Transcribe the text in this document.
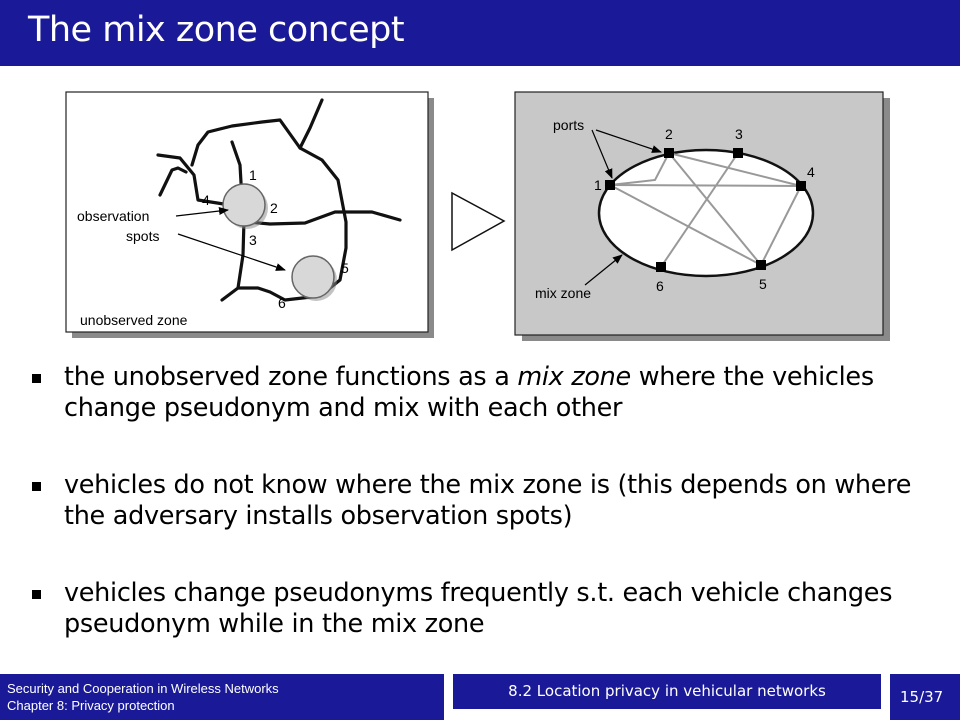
The mix zone concept
1
2
3
4
5
6
observation
spots
unobserved zone
1
2	3
4
5
6
ports
mix zone
the unobserved zone functions as a mix zone where the vehicles change pseudonym and mix with each other
vehicles do not know where the mix zone is (this depends on where the adversary installs observation spots)
vehicles change pseudonyms frequently s.t. each vehicle changes pseudonym while in the mix zone
Security and Cooperation in Wireless Networks
Chapter 8: Privacy protection
8.2 Location privacy in vehicular networks	15/37
